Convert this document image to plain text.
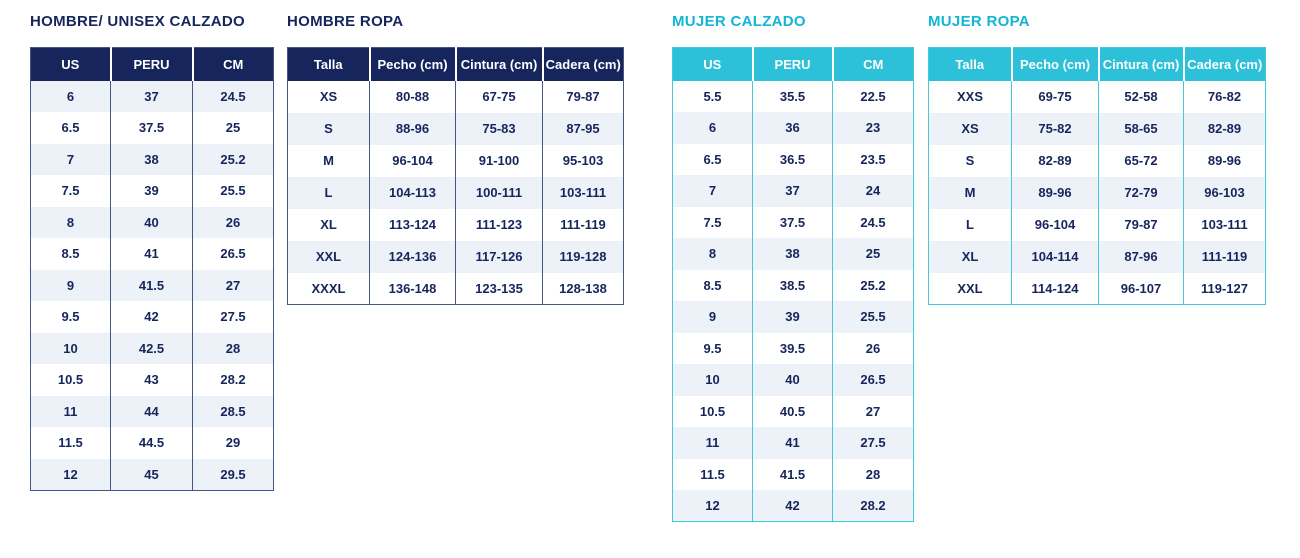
HOMBRE/ UNISEX CALZADO
US	PERU	CM
6	37	24.5
6.5	37.5	25
7	38	25.2
7.5	39	25.5
8	40	26
8.5	41	26.5
9	41.5	27
9.5	42	27.5
10	42.5	28
10.5	43	28.2
11	44	28.5
11.5	44.5	29
12	45	29.5
HOMBRE ROPA
Talla	Pecho (cm)	Cintura (cm)	Cadera (cm)
XS	80-88	67-75	79-87
S	88-96	75-83	87-95
M	96-104	91-100	95-103
L	104-113	100-111	103-111
XL	113-124	111-123	111-119
XXL	124-136	117-126	119-128
XXXL	136-148	123-135	128-138
MUJER CALZADO
US	PERU	CM
5.5	35.5	22.5
6	36	23
6.5	36.5	23.5
7	37	24
7.5	37.5	24.5
8	38	25
8.5	38.5	25.2
9	39	25.5
9.5	39.5	26
10	40	26.5
10.5	40.5	27
11	41	27.5
11.5	41.5	28
12	42	28.2
MUJER ROPA
Talla	Pecho (cm)	Cintura (cm)	Cadera (cm)
XXS	69-75	52-58	76-82
XS	75-82	58-65	82-89
S	82-89	65-72	89-96
M	89-96	72-79	96-103
L	96-104	79-87	103-111
XL	104-114	87-96	111-119
XXL	114-124	96-107	119-127
